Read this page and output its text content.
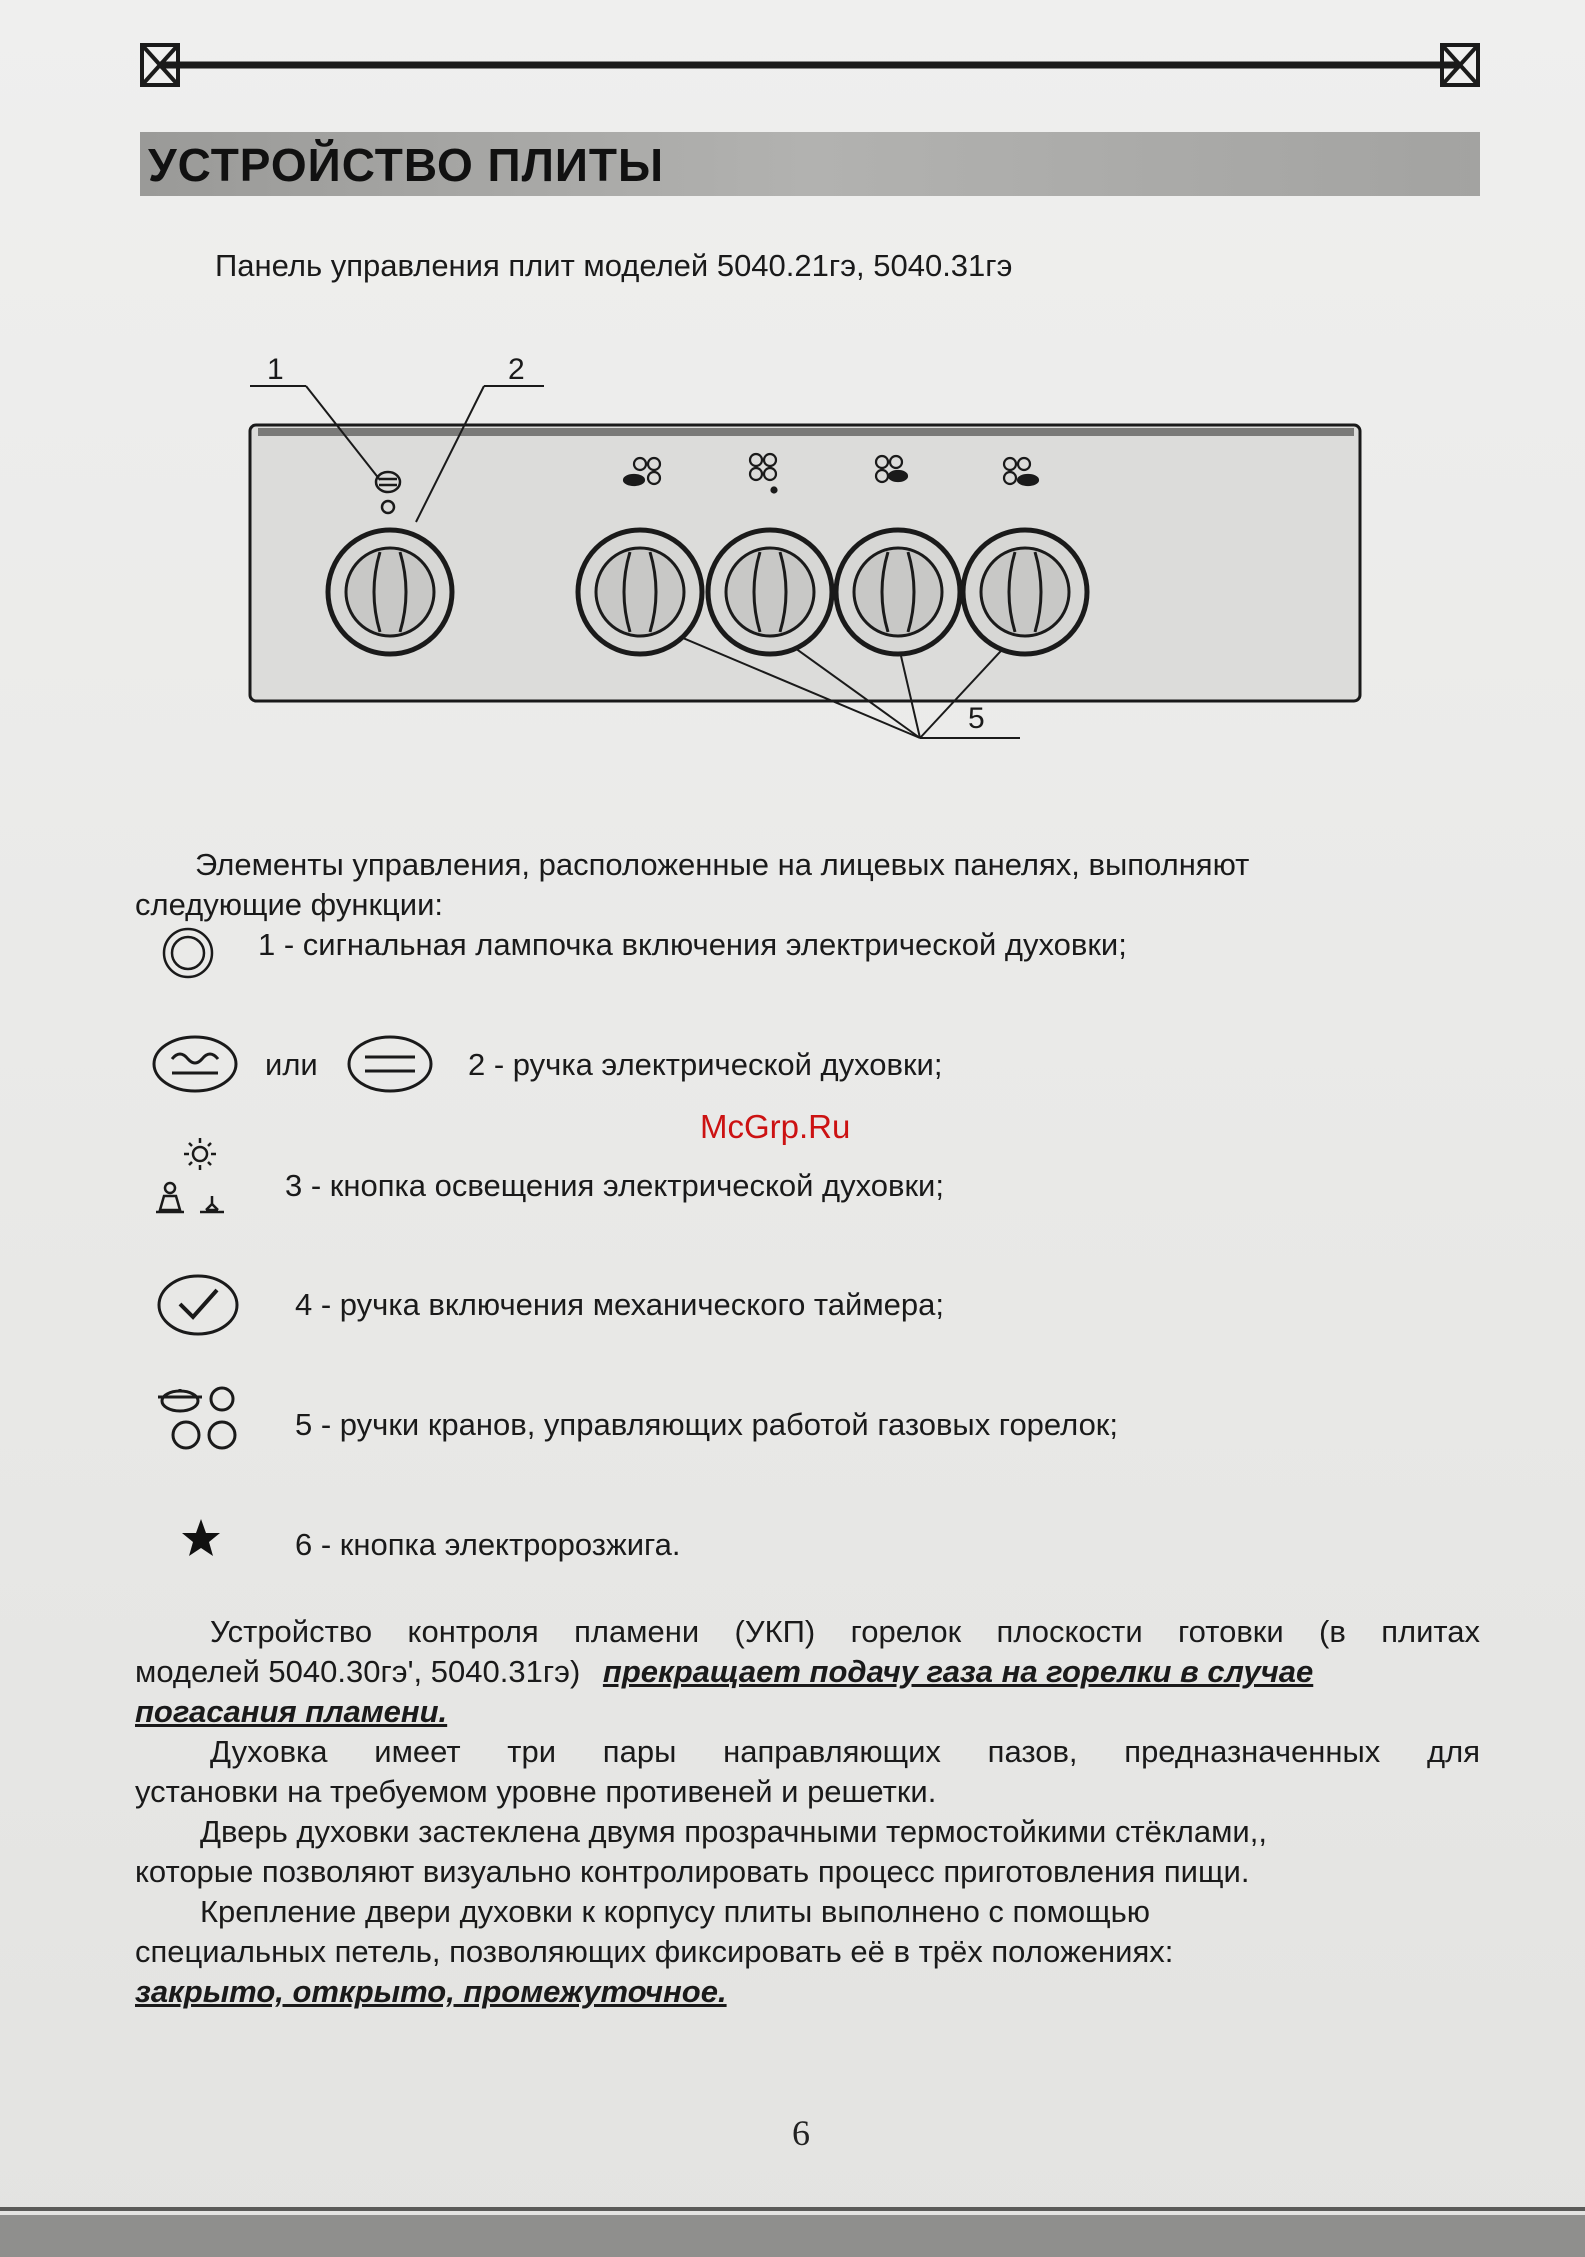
УСТРОЙСТВО ПЛИТЫ
Панель управления плит моделей 5040.21гэ, 5040.31гэ
1	2
5
Элементы управления, расположенные на лицевых панелях, выполняют
следующие функции:
1 - сигнальная лампочка включения электрической духовки;
или	2 - ручка электрической духовки;
3 - кнопка освещения электрической духовки;
4 - ручка включения механического таймера;
5 - ручки кранов, управляющих работой газовых горелок;
6 - кнопка электророзжига.
Устройство контроля пламени (УКП) горелок плоскости готовки (в плитах
моделей 5040.30гэ', 5040.31гэ) прекращает подачу газа на горелки в случае
погасания пламени.
Духовка имеет три пары направляющих пазов, предназначенных для
установки на требуемом уровне противеней и решетки.
Дверь духовки застеклена двумя прозрачными термостойкими стёклами,,
которые позволяют визуально контролировать процесс приготовления пищи.
Крепление двери духовки к корпусу плиты выполнено с помощью
специальных петель, позволяющих фиксировать её в трёх положениях:
закрыто, открыто, промежуточное.
McGrp.Ru
6
